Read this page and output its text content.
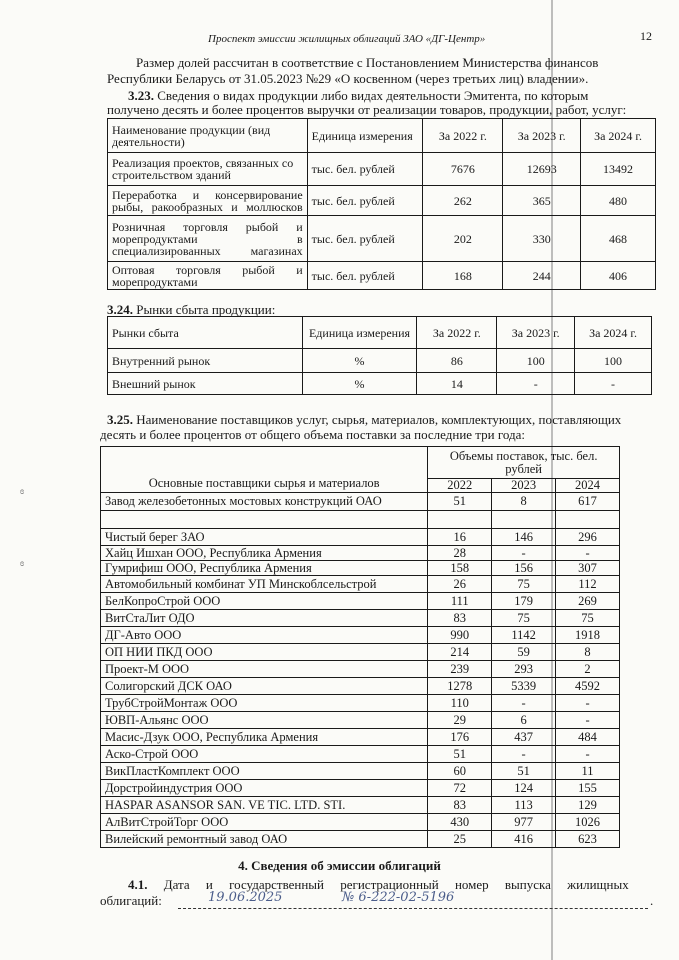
Проспект эмиссии жилищных облигаций ЗАО «ДГ-Центр»	12
ɞ
ɞ
Размер долей рассчитан в соответствие с Постановлением Министерства финансов
Республики Беларусь от 31.05.2023 №29 «О косвенном (через третьих лиц) владении».
3.23. Сведения о видах продукции либо видах деятельности Эмитента, по которым
получено десять и более процентов выручки от реализации товаров, продукции, работ, услуг:
Наименование продукции (вид деятельности)	Единица измерения	За 2022 г.	За 2023 г.	За 2024 г.
Реализация проектов, связанных со строительством зданий	тыс. бел. рублей	7676	12693	13492
Переработка и консервирование рыбы, ракообразных и моллюсков	тыс. бел. рублей	262	365	480
Розничная торговля рыбой и морепродуктами в специализированных магазинах	тыс. бел. рублей	202	330	468
Оптовая торговля рыбой и морепродуктами	тыс. бел. рублей	168	244	406
3.24. Рынки сбыта продукции:
Рынки сбыта	Единица измерения	За 2022 г.	За 2023 г.	За 2024 г.
Внутренний рынок	%	86	100	100
Внешний рынок	%	14	-	-
3.25. Наименование поставщиков услуг, сырья, материалов, комплектующих, поставляющих
десять и более процентов от общего объема поставки за последние три года:
Основные поставщики сырья и материалов	Объемы поставок, тыс. бел. рублей		
	2022	2023	2024
Завод железобетонных мостовых конструкций ОАО	51	8	617

Чистый берег ЗАО	16	146	296
Хайц Ишхан ООО, Республика Армения	28	-	-
Гумрифиш ООО, Республика Армения	158	156	307
Автомобильный комбинат УП Минскоблсельстрой	26	75	112
БелКопроСтрой ООО	111	179	269
ВитСтаЛит ОДО	83	75	75
ДГ-Авто ООО	990	1142	1918
ОП НИИ ПКД ООО	214	59	8
Проект-М ООО	239	293	2
Солигорский ДСК ОАО	1278	5339	4592
ТрубСтройМонтаж ООО	110	-	-
ЮВП-Альянс ООО	29	6	-
Масис-Дзук ООО, Республика Армения	176	437	484
Аско-Строй ООО	51	-	-
ВикПластКомплект ООО	60	51	11
Дорстройиндустрия ООО	72	124	155
HASPAR ASANSOR SAN. VE TIC. LTD. STI.	83	113	129
АлВитСтройТорг ООО	430	977	1026
Вилейский ремонтный завод ОАО	25	416	623
4. Сведения об эмиссии облигаций
4.1. Дата и государственный регистрационный номер выпуска жилищных
облигаций:	19.06.2025	№ 6-222-02-5196	.
